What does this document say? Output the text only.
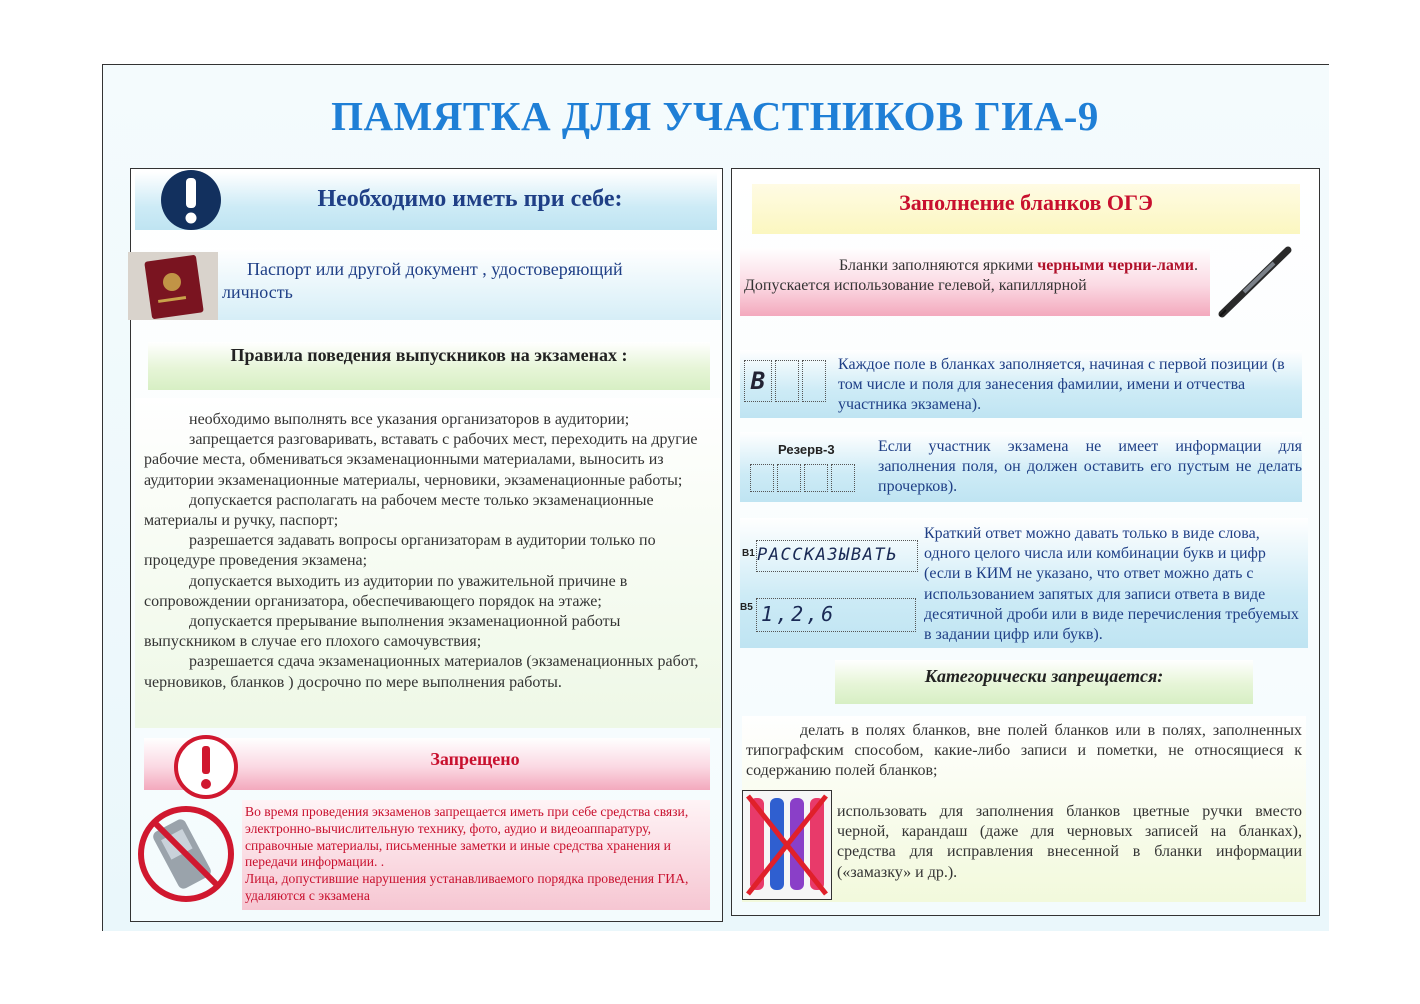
ПАМЯТКА ДЛЯ УЧАСТНИКОВ ГИА-9
Необходимо иметь при себе:
Паспорт или другой документ , удостоверяющий личность
Правила поведения выпускников на экзаменах :
необходимо выполнять все указания организаторов в аудитории;
запрещается разговаривать, вставать с рабочих мест, переходить на другие рабочие места, обмениваться экзаменационными материалами, выносить из аудитории экзаменационные материалы, черновики, экзаменационные работы;
допускается располагать на рабочем месте только экзаменационные материалы и ручку, паспорт;
разрешается задавать вопросы организаторам в аудитории только по процедуре проведения экзамена;
допускается выходить из аудитории по уважительной причине в сопровождении организатора, обеспечивающего порядок на этаже;
допускается прерывание выполнения экзаменационной работы выпускником в случае его плохого самочувствия;
разрешается сдача экзаменационных материалов (экзаменационных работ, черновиков, бланков ) досрочно по мере выполнения работы.
Запрещено
Во время проведения экзаменов запрещается иметь при себе средства связи, электронно-вычислительную технику, фото, аудио и видеоаппаратуру, справочные материалы, письменные заметки и иные средства хранения и передачи информации. .
Лица, допустившие нарушения устанавливаемого порядка проведения ГИА, удаляются с экзамена
Заполнение бланков ОГЭ
Бланки заполняются яркими черными черни-лами. Допускается использование гелевой, капиллярной
В
Каждое поле в бланках заполняется, начиная с первой позиции (в том числе и поля для занесения фамилии, имени и отчества участника экзамена).
Резерв-3	Если участник экзамена не имеет информации для заполнения поля, он должен оставить его пустым не делать прочерков).
В1 РАССКАЗЫВАТЬ
В5 1,2,6
Краткий ответ можно давать только в виде слова, одного целого числа или комбинации букв и цифр (если в КИМ не указано, что ответ можно дать с использованием запятых для записи ответа в виде десятичной дроби или в виде перечисления требуемых в задании цифр или букв).
Категорически запрещается:
делать в полях бланков, вне полей бланков или в полях, заполненных типографским способом, какие-либо записи и пометки, не относящиеся к содержанию полей бланков;
использовать для заполнения бланков цветные ручки вместо черной, карандаш (даже для черновых записей на бланках), средства для исправления внесенной в бланки информации («замазку» и др.).
